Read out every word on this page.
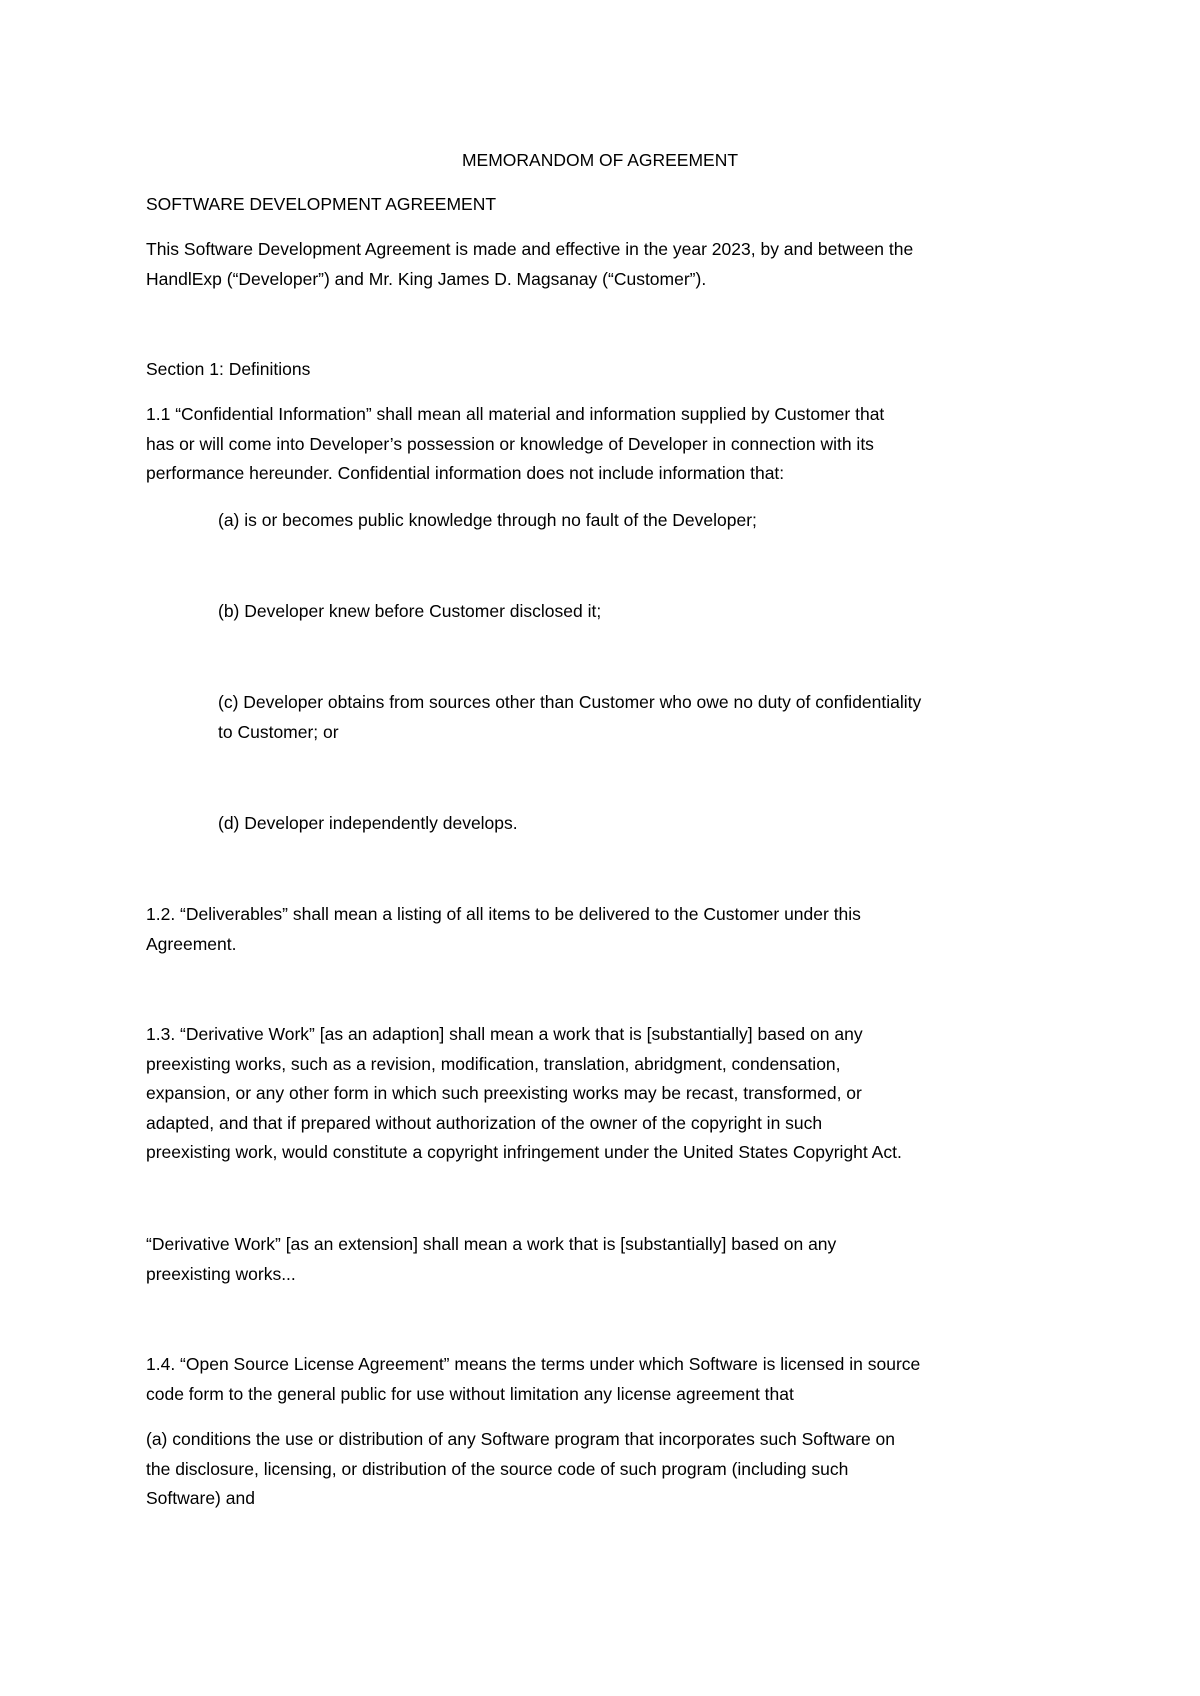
MEMORANDOM OF AGREEMENT

SOFTWARE DEVELOPMENT AGREEMENT

This Software Development Agreement is made and effective in the year 2023, by and between the
HandlExp (“Developer”) and Mr. King James D. Magsanay (“Customer”).

Section 1: Definitions

1.1 “Confidential Information” shall mean all material and information supplied by Customer that
has or will come into Developer’s possession or knowledge of Developer in connection with its
performance hereunder. Confidential information does not include information that:

(a) is or becomes public knowledge through no fault of the Developer;

(b) Developer knew before Customer disclosed it;

(c) Developer obtains from sources other than Customer who owe no duty of confidentiality
to Customer; or

(d) Developer independently develops.

1.2. “Deliverables” shall mean a listing of all items to be delivered to the Customer under this
Agreement.

1.3. “Derivative Work” [as an adaption] shall mean a work that is [substantially] based on any
preexisting works, such as a revision, modification, translation, abridgment, condensation,
expansion, or any other form in which such preexisting works may be recast, transformed, or
adapted, and that if prepared without authorization of the owner of the copyright in such
preexisting work, would constitute a copyright infringement under the United States Copyright Act.

“Derivative Work” [as an extension] shall mean a work that is [substantially] based on any
preexisting works...

1.4. “Open Source License Agreement” means the terms under which Software is licensed in source
code form to the general public for use without limitation any license agreement that

(a) conditions the use or distribution of any Software program that incorporates such Software on
the disclosure, licensing, or distribution of the source code of such program (including such
Software) and
